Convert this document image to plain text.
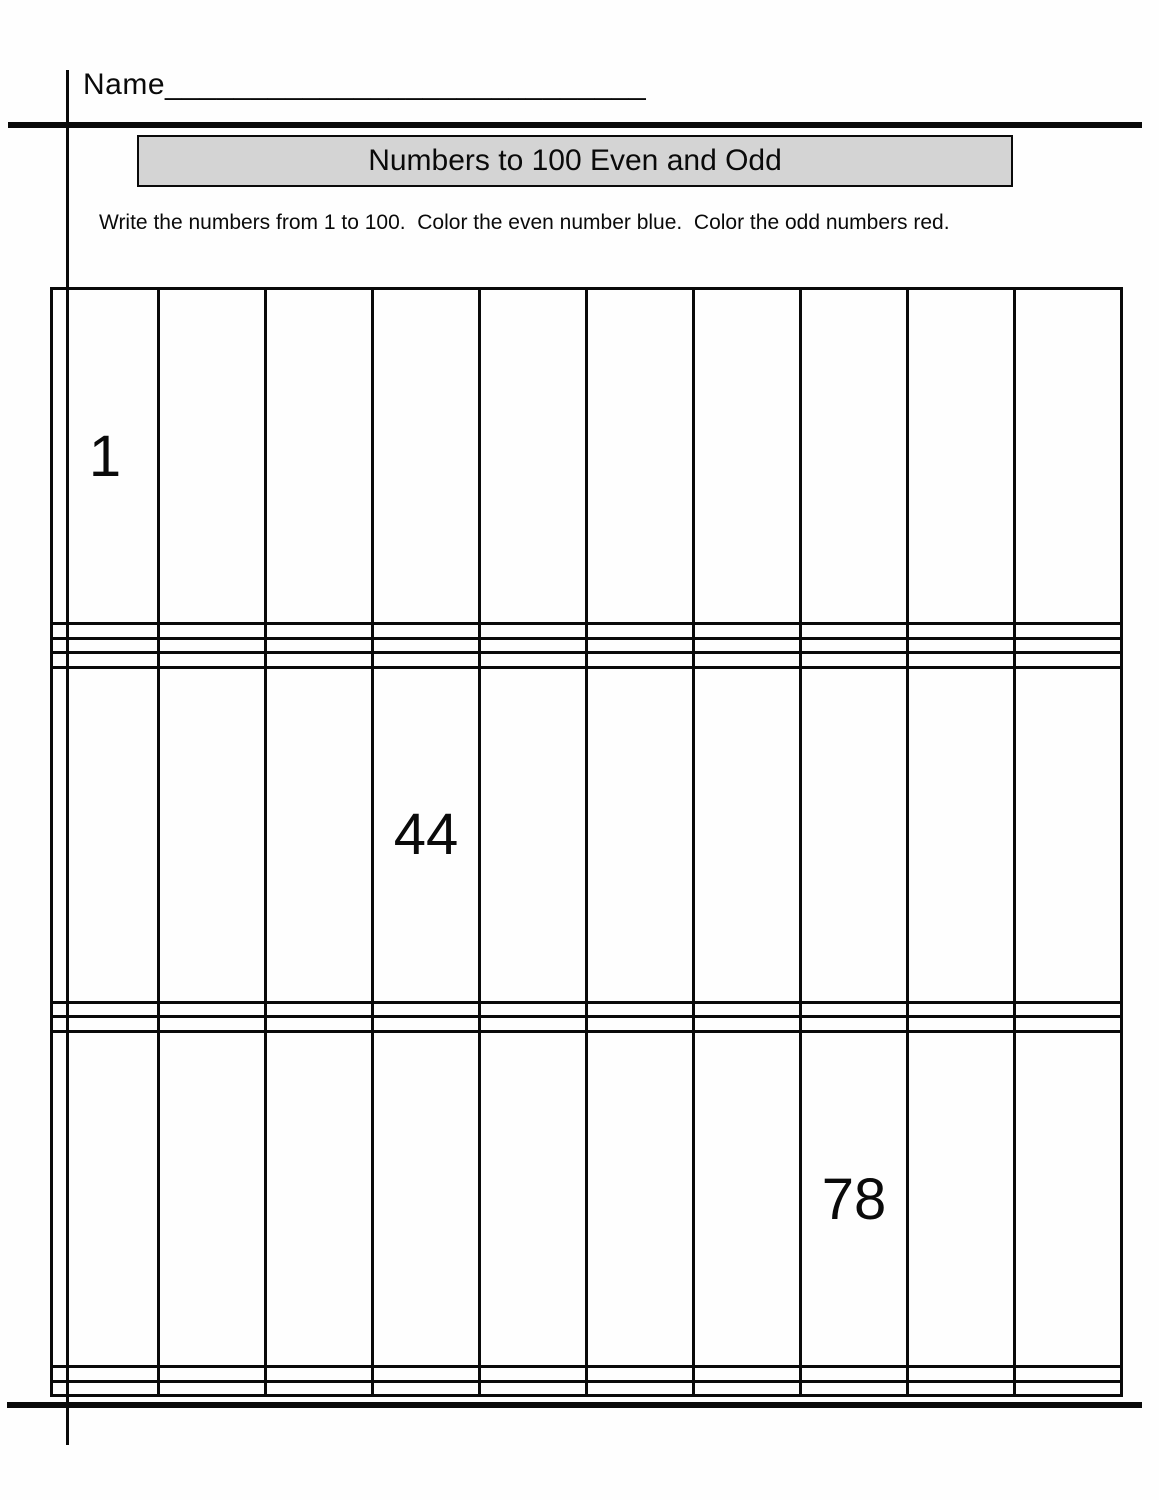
Name____________________________
Numbers to 100 Even and Odd
Write the numbers from 1 to 100.  Color the even number blue.  Color the odd numbers red.
1									

			44						

							78		
